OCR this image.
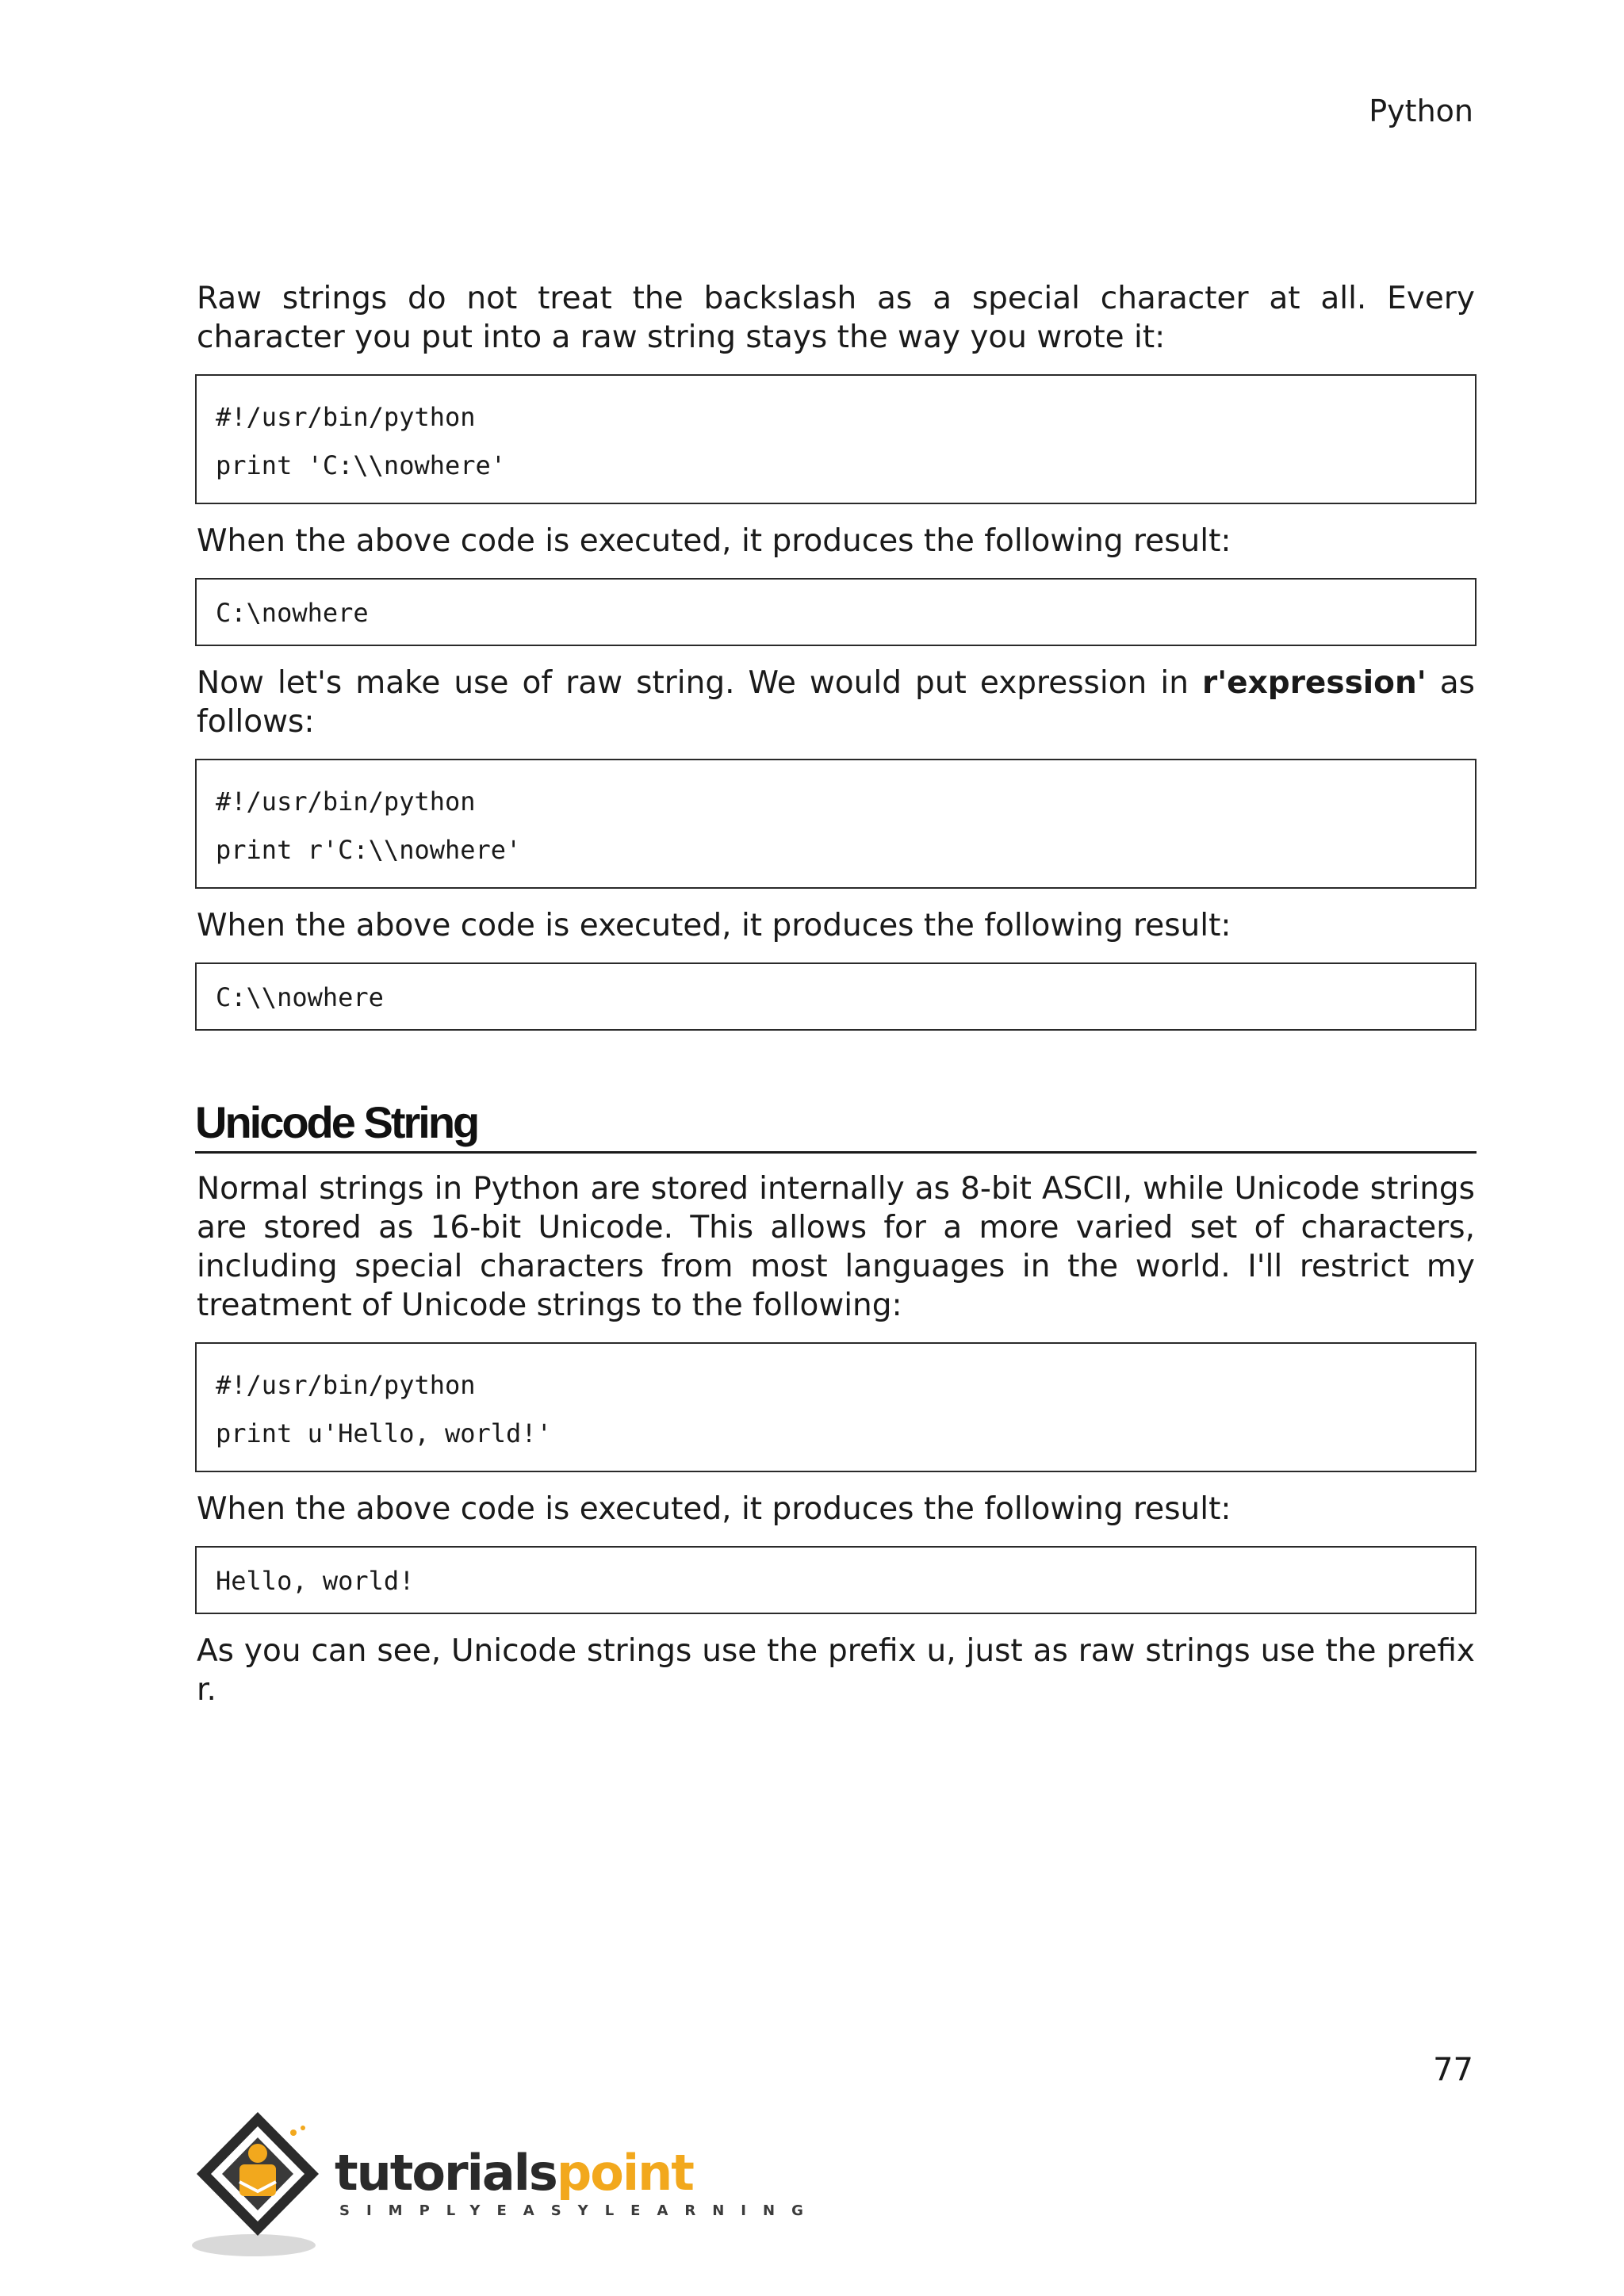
Python

Raw strings do not treat the backslash as a special character at all. Every character you put into a raw string stays the way you wrote it:

#!/usr/bin/python
print 'C:\\nowhere'

When the above code is executed, it produces the following result:

C:\nowhere

Now let's make use of raw string. We would put expression in r'expression' as follows:

#!/usr/bin/python
print r'C:\\nowhere'

When the above code is executed, it produces the following result:

C:\\nowhere
Unicode String

Normal strings in Python are stored internally as 8-bit ASCII, while Unicode strings are stored as 16-bit Unicode. This allows for a more varied set of characters, including special characters from most languages in the world. I'll restrict my treatment of Unicode strings to the following:

#!/usr/bin/python
print u'Hello, world!'

When the above code is executed, it produces the following result:

Hello, world!

As you can see, Unicode strings use the prefix u, just as raw strings use the prefix r.

77
tutorialspoint
SIMPLYEASYLEARNING
